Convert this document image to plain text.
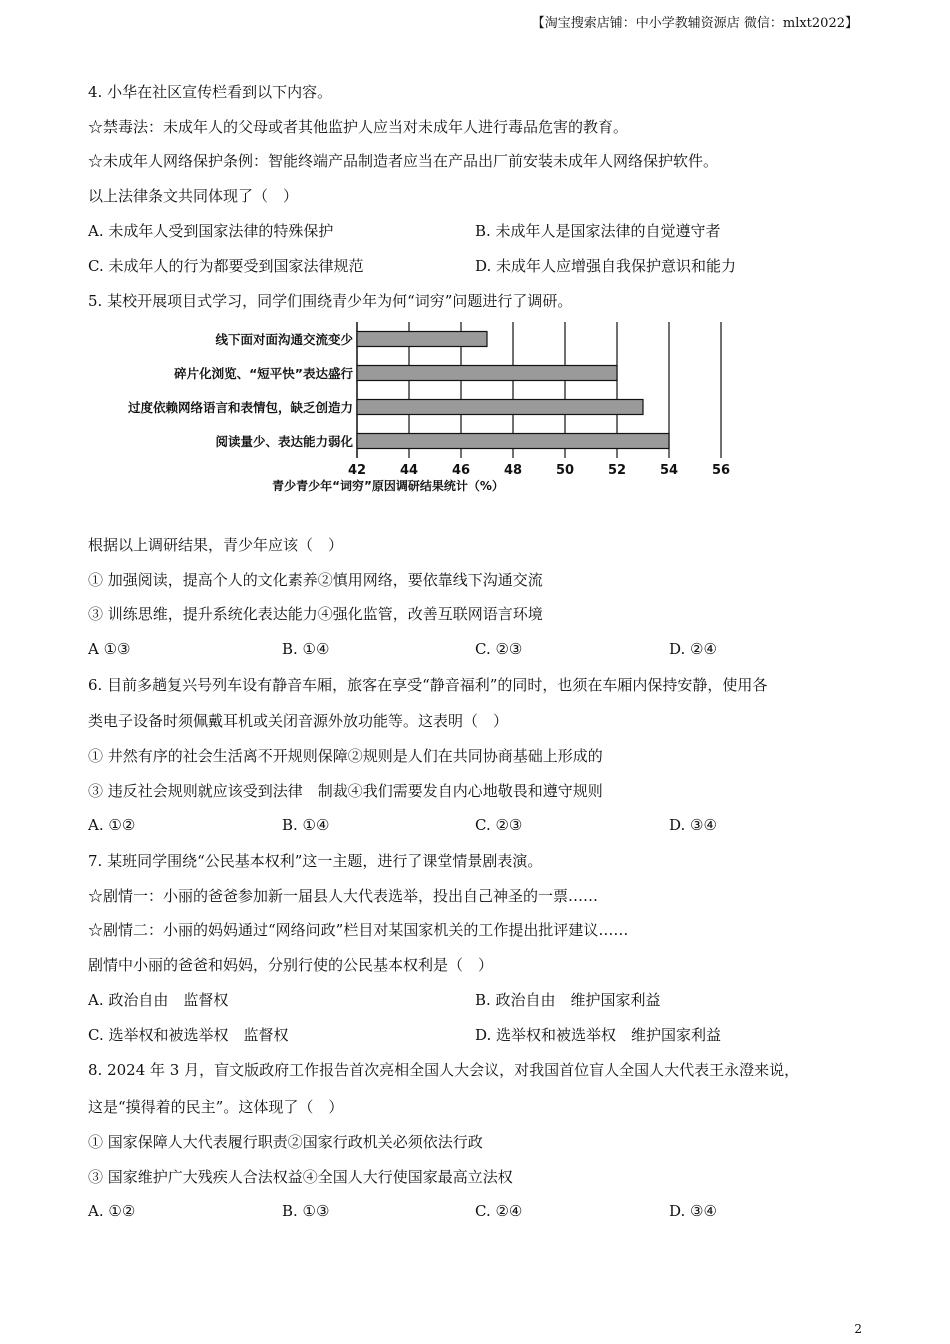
【淘宝搜索店铺：中小学教辅资源店 微信：mlxt2022】
4. 小华在社区宣传栏看到以下内容。
☆禁毒法：未成年人的父母或者其他监护人应当对未成年人进行毒品危害的教育。
☆未成年人网络保护条例：智能终端产品制造者应当在产品出厂前安装未成年人网络保护软件。
以上法律条文共同体现了（　）
A. 未成年人受到国家法律的特殊保护	B. 未成年人是国家法律的自觉遵守者
C. 未成年人的行为都要受到国家法律规范	D. 未成年人应增强自我保护意识和能力
5. 某校开展项目式学习，同学们围绕青少年为何“词穷”问题进行了调研。
线下面对面沟通交流变少
碎片化浏览、“短平快”表达盛行
过度依赖网络语言和表情包，缺乏创造力
阅读量少、表达能力弱化
42	44	46	48	50	52	54	56
青少青少年“词穷”原因调研结果统计（%）
根据以上调研结果，青少年应该（　）
① 加强阅读，提高个人的文化素养②慎用网络，要依靠线下沟通交流
③ 训练思维，提升系统化表达能力④强化监管，改善互联网语言环境
A ①③	B. ①④	C. ②③	D. ②④
6. 目前多趟复兴号列车设有静音车厢，旅客在享受“静音福利”的同时，也须在车厢内保持安静，使用各
类电子设备时须佩戴耳机或关闭音源外放功能等。这表明（　）
① 井然有序的社会生活离不开规则保障②规则是人们在共同协商基础上形成的
③ 违反社会规则就应该受到法律　制裁④我们需要发自内心地敬畏和遵守规则
A. ①②	B. ①④	C. ②③	D. ③④
7. 某班同学围绕“公民基本权利”这一主题，进行了课堂情景剧表演。
☆剧情一：小丽的爸爸参加新一届县人大代表选举，投出自己神圣的一票……
☆剧情二：小丽的妈妈通过“网络问政”栏目对某国家机关的工作提出批评建议……
剧情中小丽的爸爸和妈妈，分别行使的公民基本权利是（　）
A. 政治自由　监督权	B. 政治自由　维护国家利益
C. 选举权和被选举权　监督权	D. 选举权和被选举权　维护国家利益
8. 2024 年 3 月，盲文版政府工作报告首次亮相全国人大会议，对我国首位盲人全国人大代表王永澄来说，
这是“摸得着的民主”。这体现了（　）
① 国家保障人大代表履行职责②国家行政机关必须依法行政
③ 国家维护广大残疾人合法权益④全国人大行使国家最高立法权
A. ①②	B. ①③	C. ②④	D. ③④
2
